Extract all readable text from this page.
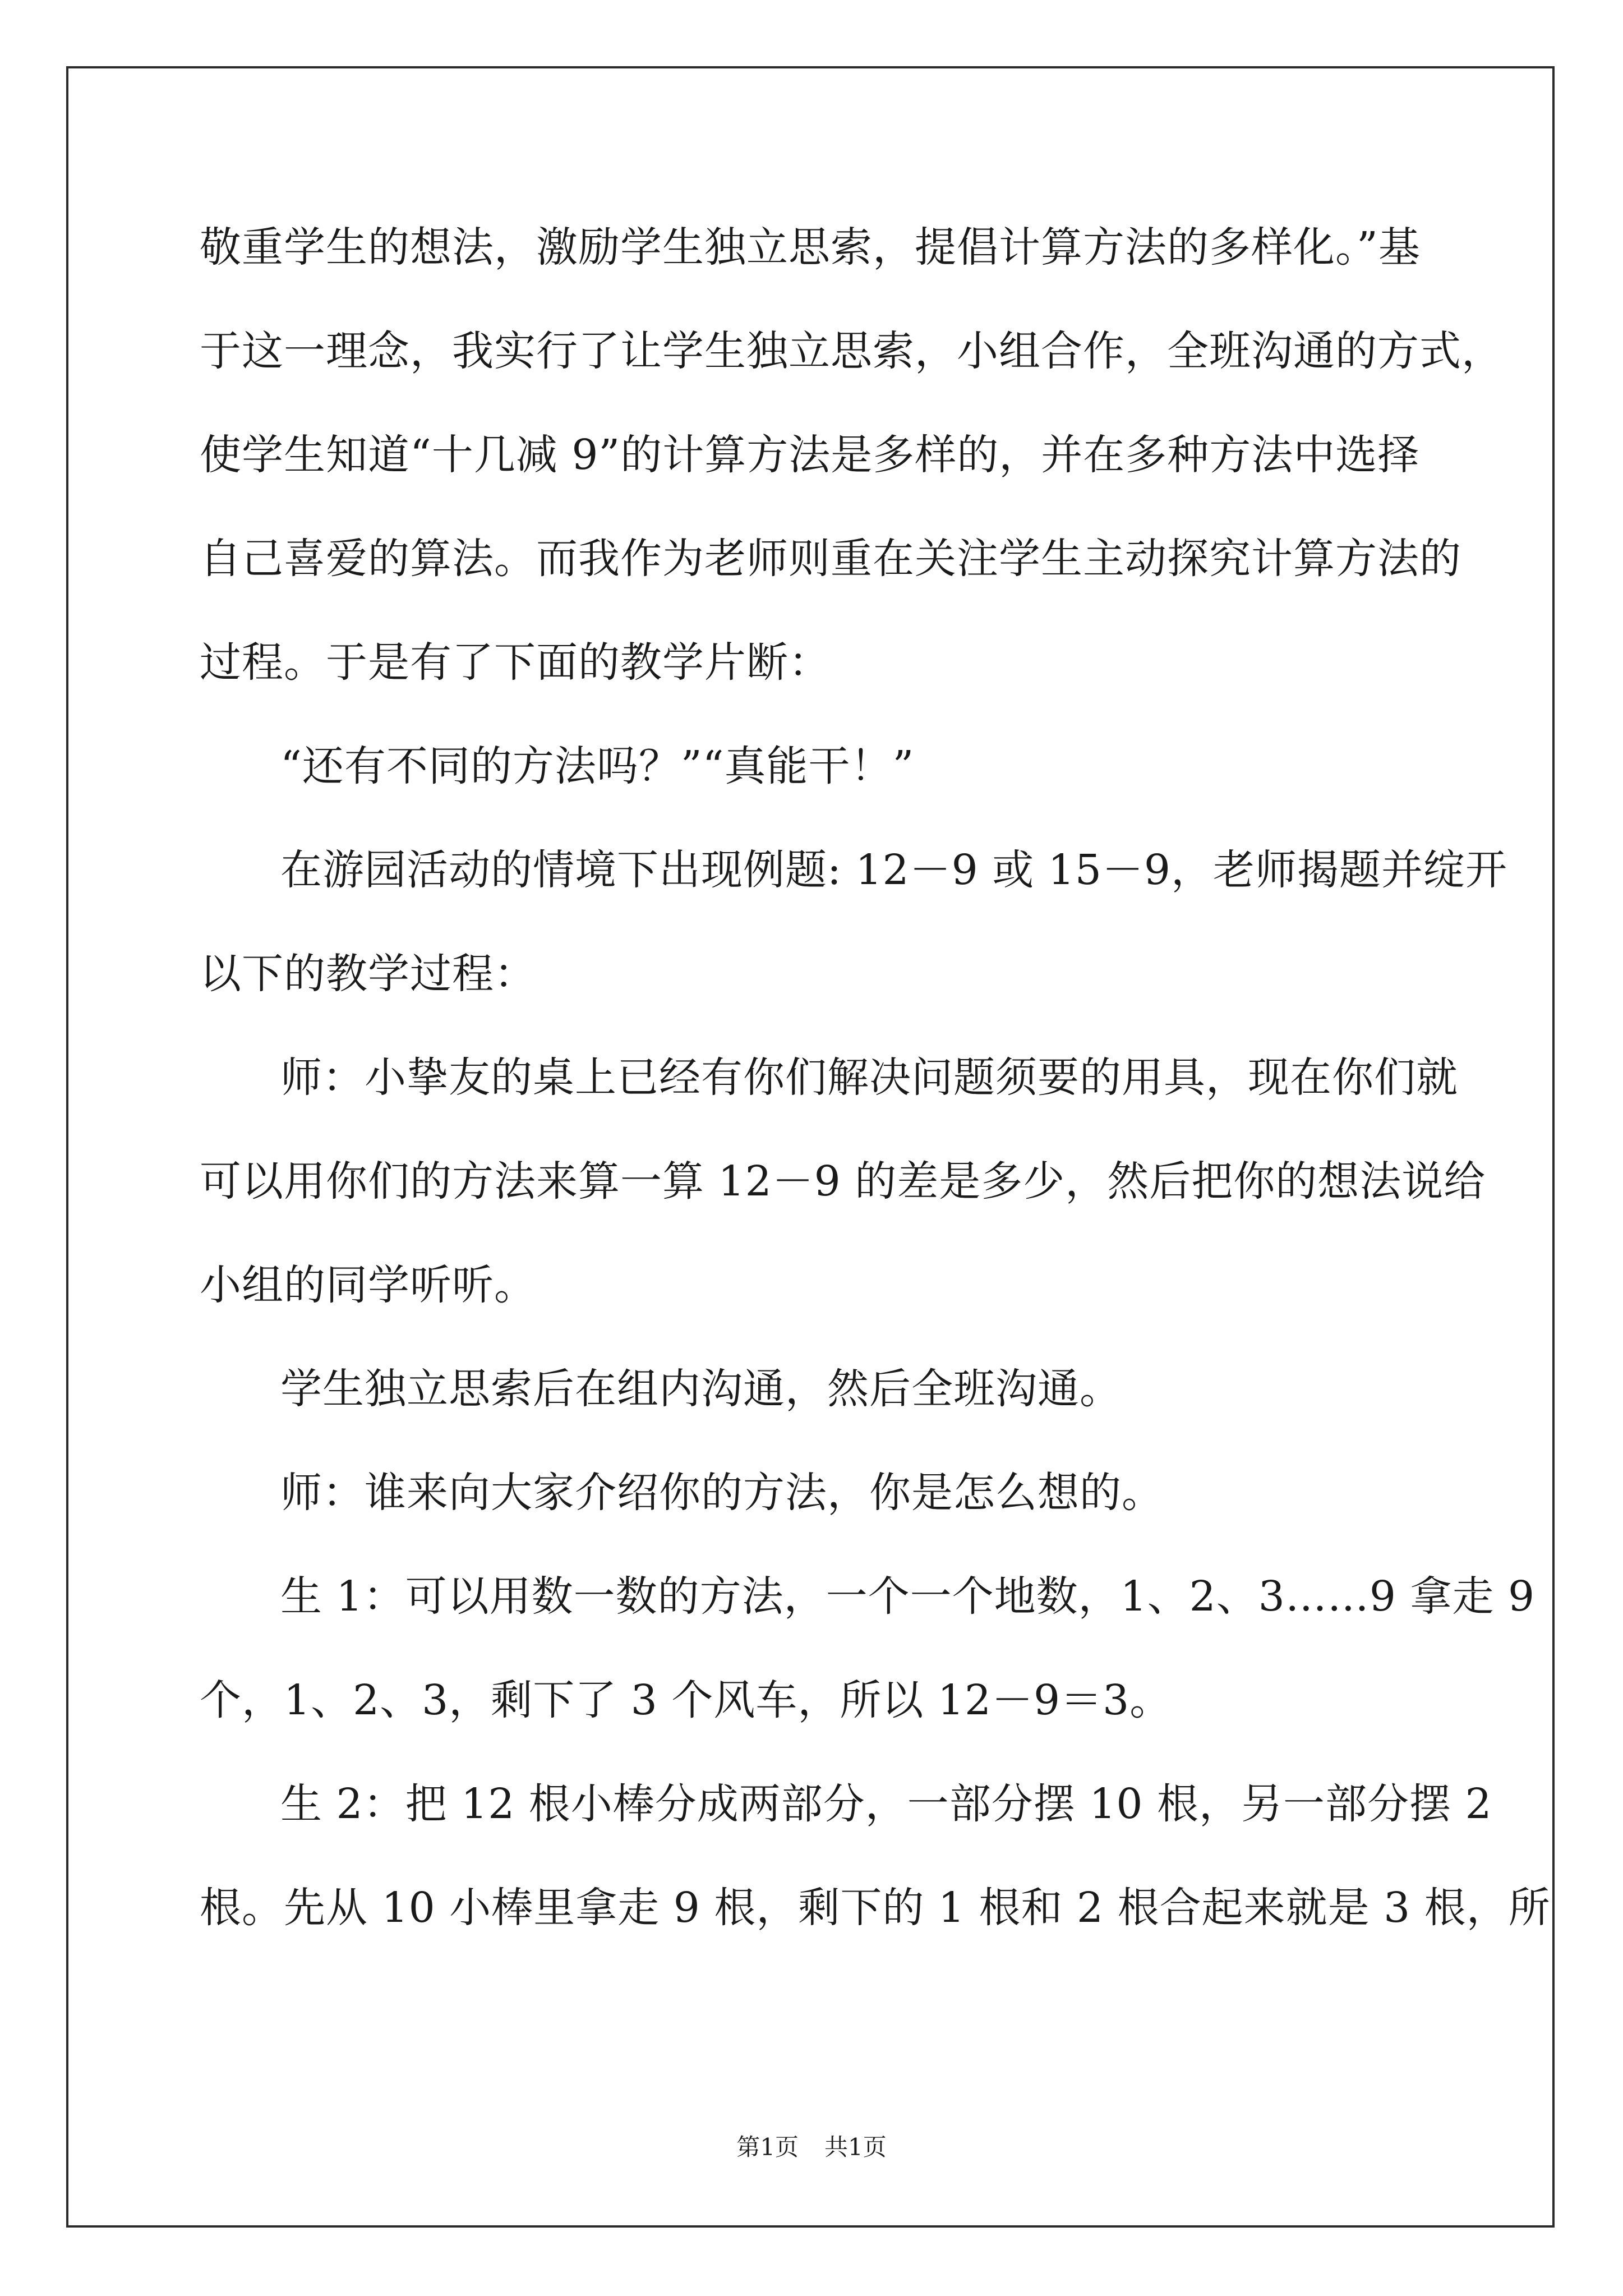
敬重学生的想法，激励学生独立思索，提倡计算方法的多样化。”基
于这一理念，我实行了让学生独立思索，小组合作，全班沟通的方式，
使学生知道“十几减 9”的计算方法是多样的，并在多种方法中选择
自己喜爱的算法。而我作为老师则重在关注学生主动探究计算方法的
过程。于是有了下面的教学片断：
“还有不同的方法吗？”“真能干！”
在游园活动的情境下出现例题: 12－9 或 15－9，老师揭题并绽开
以下的教学过程：
师：小挚友的桌上已经有你们解决问题须要的用具，现在你们就
可以用你们的方法来算一算 12－9 的差是多少，然后把你的想法说给
小组的同学听听。
学生独立思索后在组内沟通，然后全班沟通。
师：谁来向大家介绍你的方法，你是怎么想的。
生 1：可以用数一数的方法，一个一个地数，1、2、3……9 拿走 9
个，1、2、3，剩下了 3 个风车，所以 12－9＝3。
生 2：把 12 根小棒分成两部分，一部分摆 10 根，另一部分摆 2
根。先从 10 小棒里拿走 9 根，剩下的 1 根和 2 根合起来就是 3 根，所
第1页 共1页
